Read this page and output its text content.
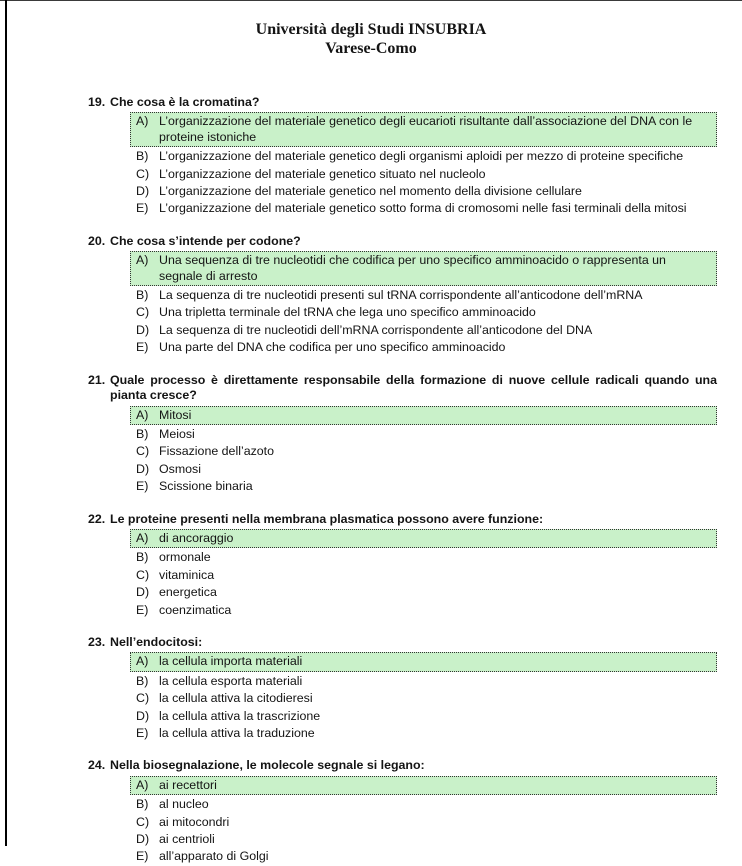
Università degli Studi INSUBRIA
Varese-Como
19. Che cosa è la cromatina?
A) L’organizzazione del materiale genetico degli eucarioti risultante dall’associazione del DNA con le proteine istoniche
B) L’organizzazione del materiale genetico degli organismi aploidi per mezzo di proteine specifiche
C) L’organizzazione del materiale genetico situato nel nucleolo
D) L’organizzazione del materiale genetico nel momento della divisione cellulare
E) L’organizzazione del materiale genetico sotto forma di cromosomi nelle fasi terminali della mitosi
20. Che cosa s’intende per codone?
A) Una sequenza di tre nucleotidi che codifica per uno specifico amminoacido o rappresenta un segnale di arresto
B) La sequenza di tre nucleotidi presenti sul tRNA corrispondente all’anticodone dell’mRNA
C) Una tripletta terminale del tRNA che lega uno specifico amminoacido
D) La sequenza di tre nucleotidi dell’mRNA corrispondente all’anticodone del DNA
E) Una parte del DNA che codifica per uno specifico amminoacido
21. Quale processo è direttamente responsabile della formazione di nuove cellule radicali quando una pianta cresce?
A) Mitosi
B) Meiosi
C) Fissazione dell’azoto
D) Osmosi
E) Scissione binaria
22. Le proteine presenti nella membrana plasmatica possono avere funzione:
A) di ancoraggio
B) ormonale
C) vitaminica
D) energetica
E) coenzimatica
23. Nell’endocitosi:
A) la cellula importa materiali
B) la cellula esporta materiali
C) la cellula attiva la citodieresi
D) la cellula attiva la trascrizione
E) la cellula attiva la traduzione
24. Nella biosegnalazione, le molecole segnale si legano:
A) ai recettori
B) al nucleo
C) ai mitocondri
D) ai centrioli
E) all’apparato di Golgi
